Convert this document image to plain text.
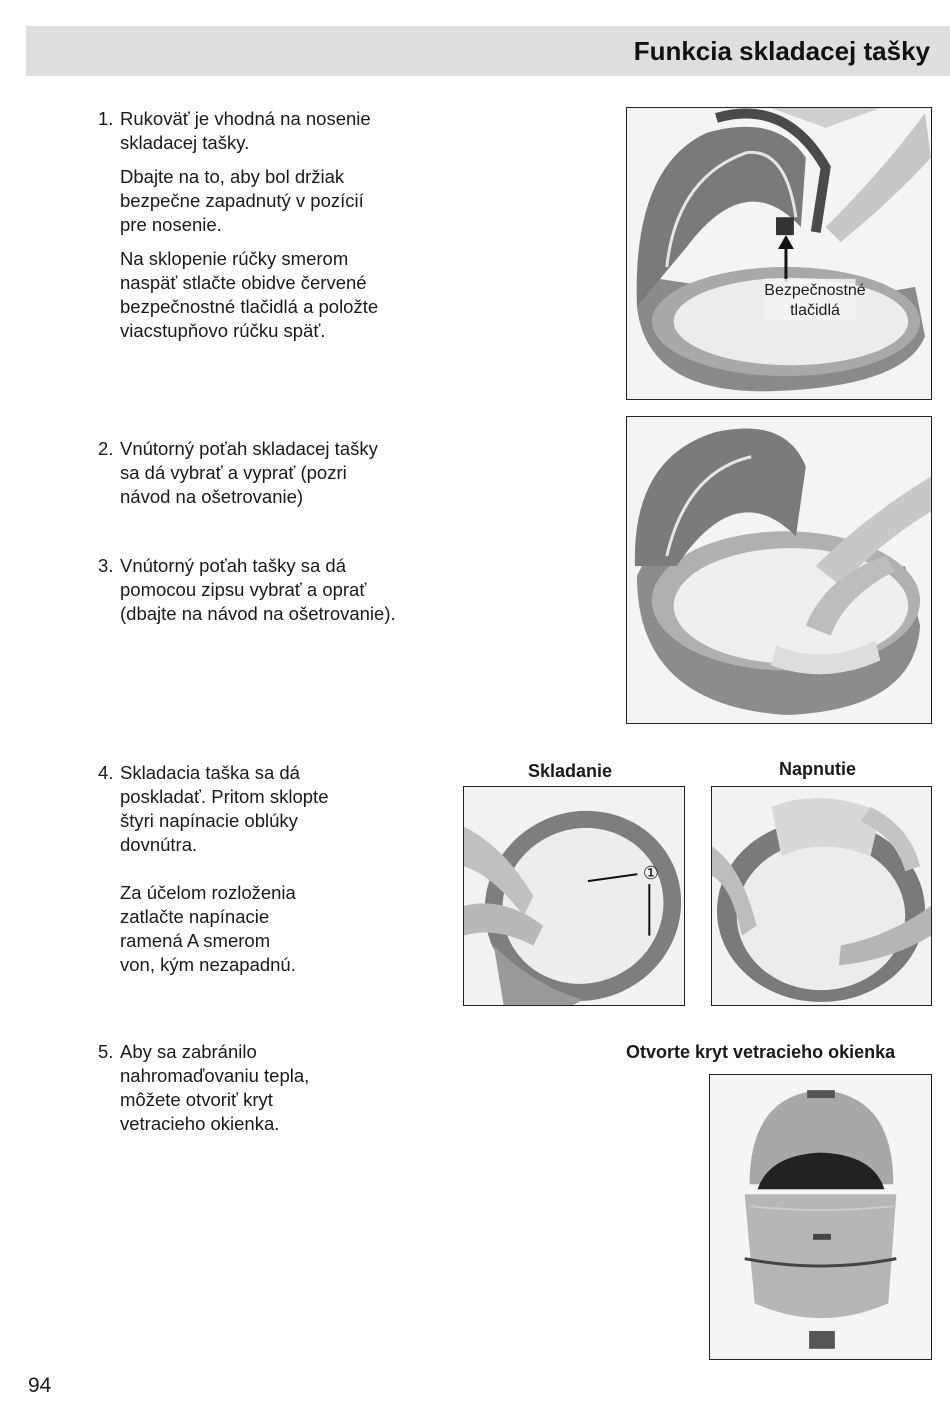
Funkcia skladacej tašky
1. Rukoväť je vhodná na nosenie skladacej tašky.

Dbajte na to, aby bol držiak bezpečne zapadnutý v pozícií pre nosenie.

Na sklopenie rúčky smerom naspäť stlačte obidve červené bezpečnostné tlačidlá a položte viacstupňovo rúčku späť.

2. Vnútorný poťah skladacej tašky sa dá vybrať a vyprať (pozri návod na ošetrovanie)

3. Vnútorný poťah tašky sa dá pomocou zipsu vybrať a oprať (dbajte na návod na ošetrovanie).

4. Skladacia taška sa dá poskladať. Pritom sklopte štyri napínacie oblúky dovnútra.

Za účelom rozloženia zatlačte napínacie ramená A smerom von, kým nezapadnú.

5. Aby sa zabránilo nahromaďovaniu tepla, môžete otvoriť kryt vetracieho okienka.

Bezpečnostné tlačidlá
Skladanie
①
Napnutie
Otvorte kryt vetracieho okienka
94
